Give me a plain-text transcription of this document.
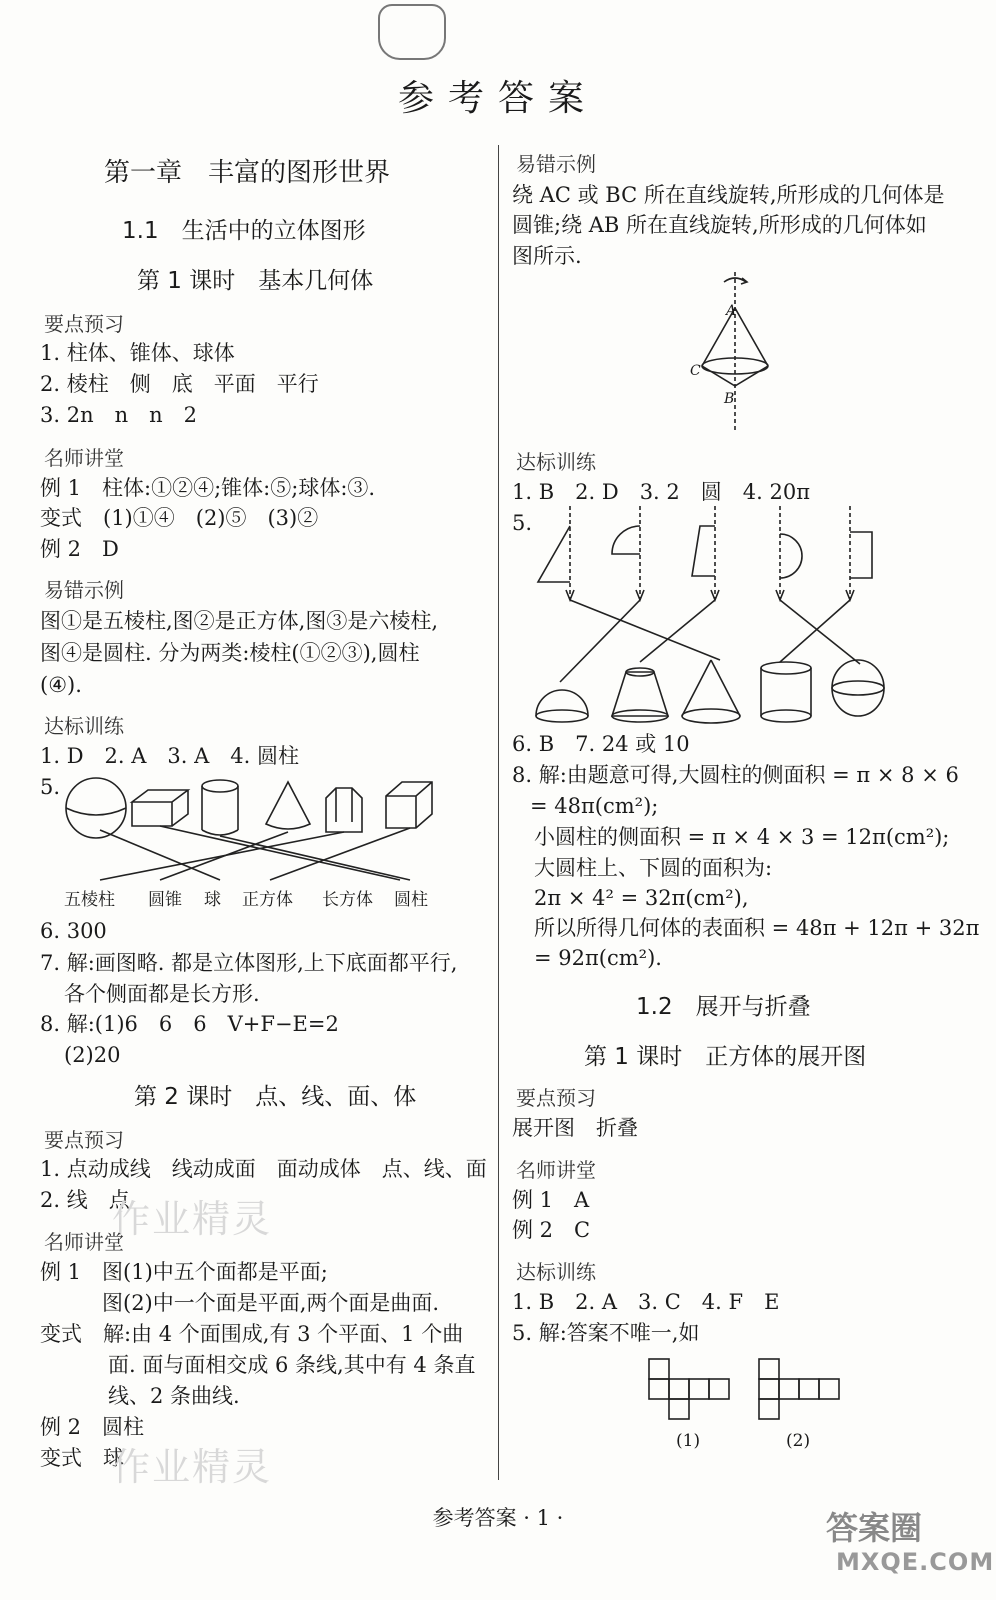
参考答案
第一章　丰富的图形世界
1.1　生活中的立体图形
第 1 课时　基本几何体
要点预习
1. 柱体、锥体、球体
2. 棱柱　侧　底　平面　平行
3. 2n　n　n　2
名师讲堂
例 1　柱体:①②④;锥体:⑤;球体:③.
变式　(1)①④　(2)⑤　(3)②
例 2　D
易错示例
图①是五棱柱,图②是正方体,图③是六棱柱,
图④是圆柱. 分为两类:棱柱(①②③),圆柱
(④).
达标训练
1. D　2. A　3. A　4. 圆柱
5.
五棱柱 圆锥 球 正方体 长方体 圆柱
6. 300
7. 解:画图略. 都是立体图形,上下底面都平行,
各个侧面都是长方形.
8. 解:(1)6　6　6　V+F−E=2
(2)20
第 2 课时　点、线、面、体
要点预习
1. 点动成线　线动成面　面动成体　点、线、面
2. 线　点
作业精灵
名师讲堂
例 1　图(1)中五个面都是平面;
图(2)中一个面是平面,两个面是曲面.
变式　解:由 4 个面围成,有 3 个平面、1 个曲
面. 面与面相交成 6 条线,其中有 4 条直
线、2 条曲线.
例 2　圆柱
变式　球
作业精灵
易错示例
绕 AC 或 BC 所在直线旋转,所形成的几何体是
圆锥;绕 AB 所在直线旋转,所形成的几何体如
图所示.
A
C
B
达标训练
1. B　2. D　3. 2　圆　4. 20π
5.
6. B　7. 24 或 10
8. 解:由题意可得,大圆柱的侧面积 = π × 8 × 6
= 48π(cm²);
小圆柱的侧面积 = π × 4 × 3 = 12π(cm²);
大圆柱上、下圆的面积为:
2π × 4² = 32π(cm²),
所以所得几何体的表面积 = 48π + 12π + 32π
= 92π(cm²).
1.2　展开与折叠
第 1 课时　正方体的展开图
要点预习
展开图　折叠
名师讲堂
例 1　A
例 2　C
达标训练
1. B　2. A　3. C　4. F　E
5. 解:答案不唯一,如
(1)	(2)
参考答案 · 1 ·	答案圈
MXQE.COM
